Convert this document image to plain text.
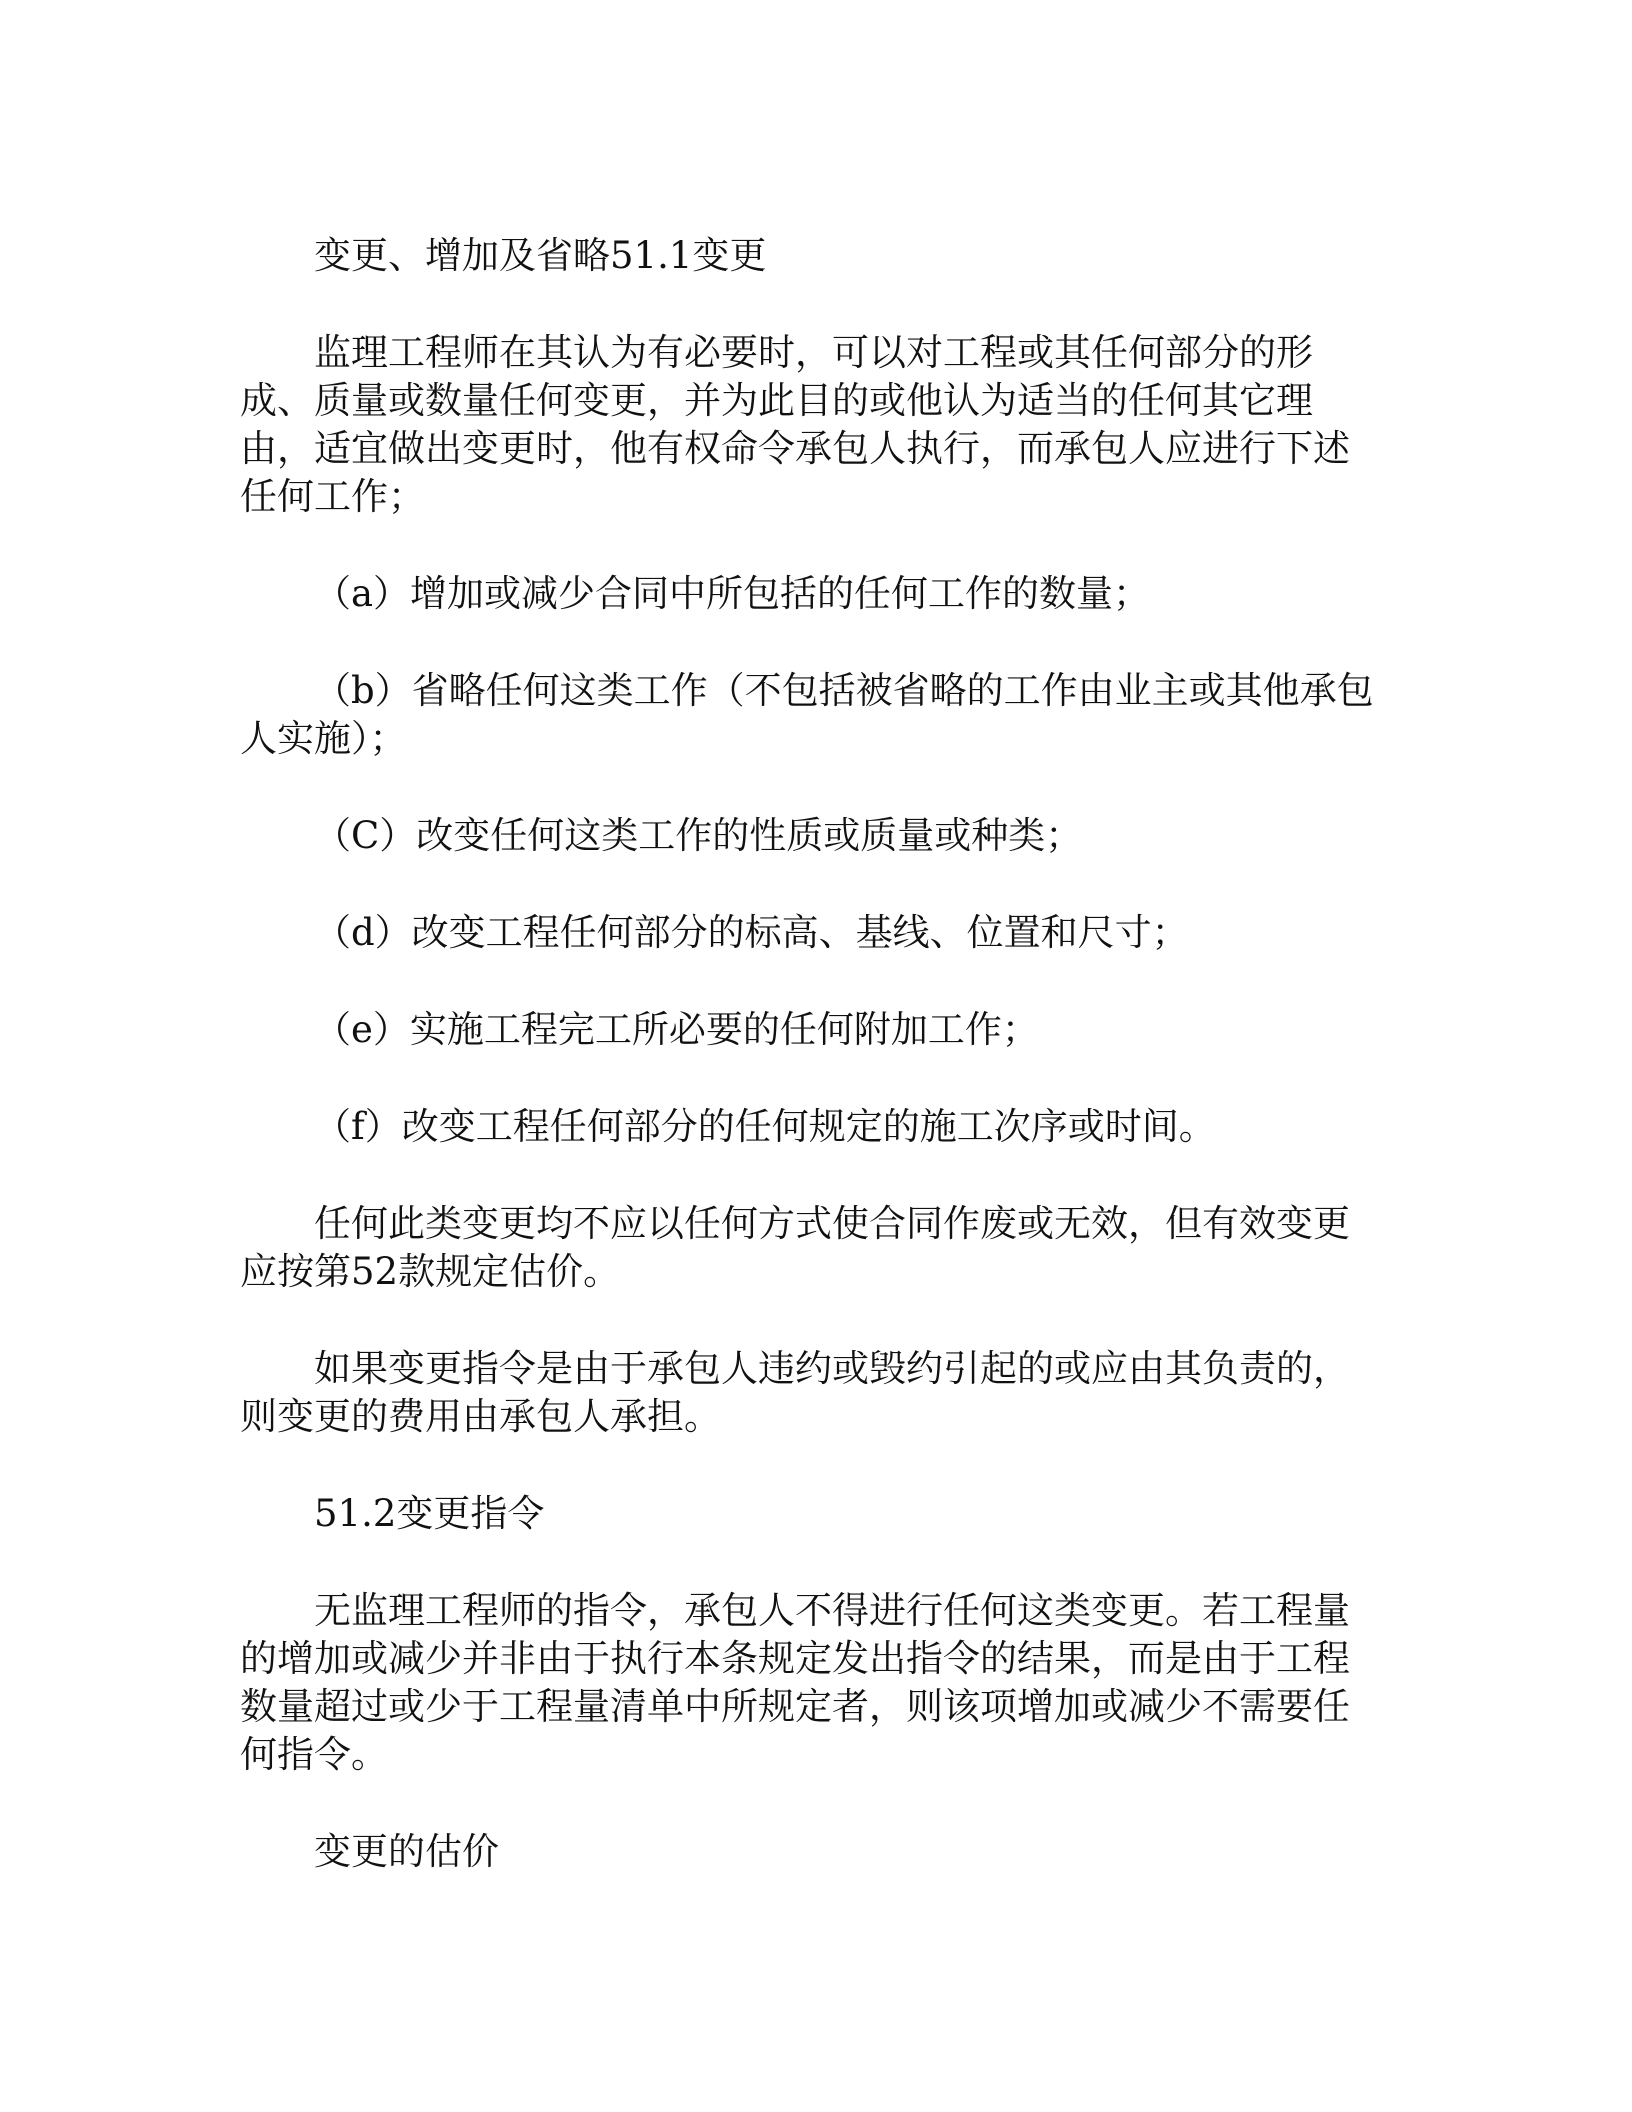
变更、增加及省略51.1变更

监理工程师在其认为有必要时，可以对工程或其任何部分的形成、质量或数量任何变更，并为此目的或他认为适当的任何其它理由，适宜做出变更时，他有权命令承包人执行，而承包人应进行下述任何工作；

（a）增加或减少合同中所包括的任何工作的数量；

（b）省略任何这类工作（不包括被省略的工作由业主或其他承包人实施）；

（C）改变任何这类工作的性质或质量或种类；

（d）改变工程任何部分的标高、基线、位置和尺寸；

（e）实施工程完工所必要的任何附加工作；

（f）改变工程任何部分的任何规定的施工次序或时间。

任何此类变更均不应以任何方式使合同作废或无效，但有效变更应按第52款规定估价。

如果变更指令是由于承包人违约或毁约引起的或应由其负责的，则变更的费用由承包人承担。

51.2变更指令

无监理工程师的指令，承包人不得进行任何这类变更。若工程量的增加或减少并非由于执行本条规定发出指令的结果，而是由于工程数量超过或少于工程量清单中所规定者，则该项增加或减少不需要任何指令。

变更的估价
